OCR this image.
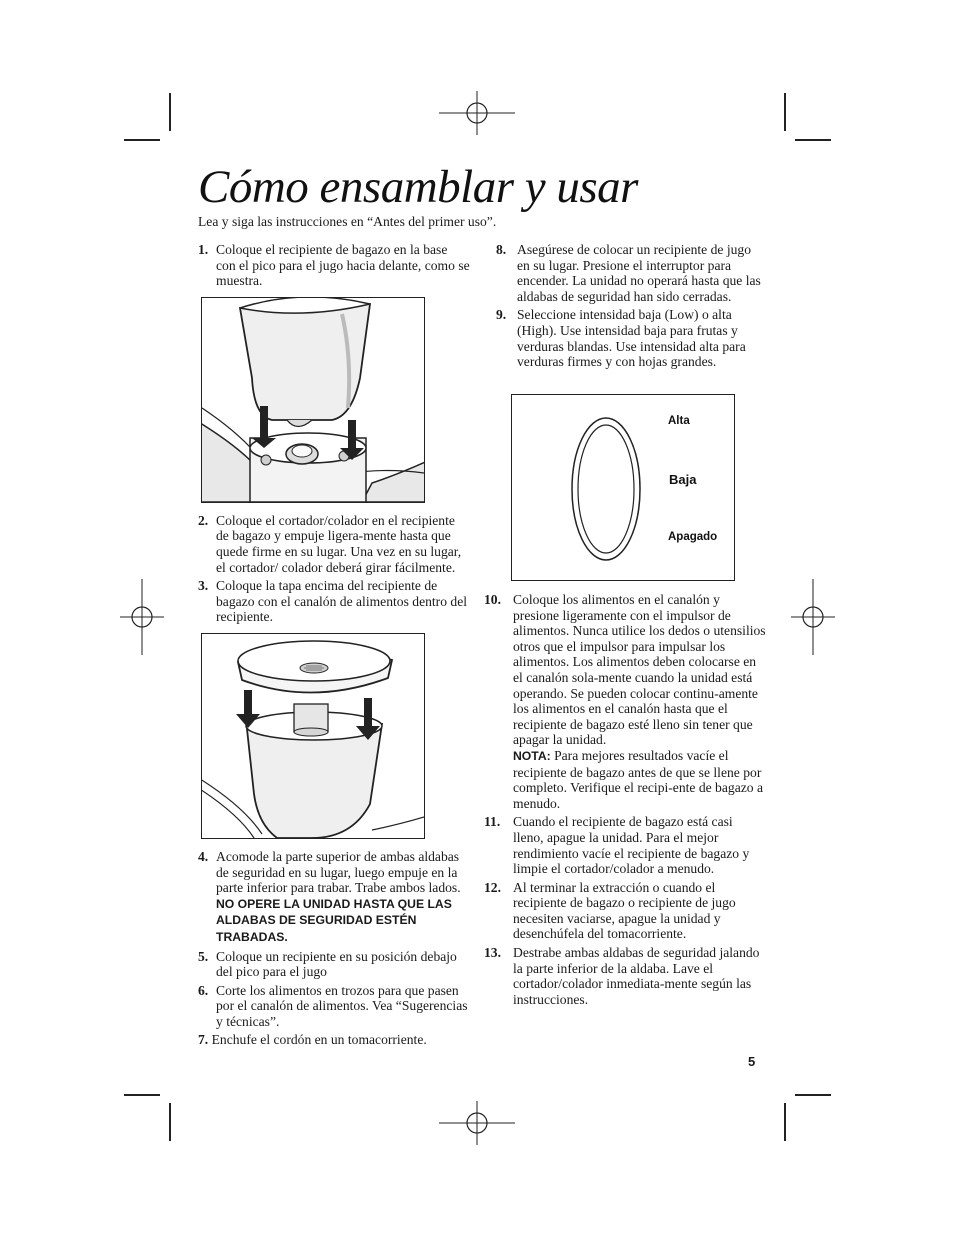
Cómo ensamblar y usar
Lea y siga las instrucciones en “Antes del primer uso”.
1. Coloque el recipiente de bagazo en la base con el pico para el jugo hacia delante, como se muestra.
2. Coloque el cortador/colador en el recipiente de bagazo y empuje ligera-mente hasta que quede firme en su lugar. Una vez en su lugar, el cortador/ colador deberá girar fácilmente.
3. Coloque la tapa encima del recipiente de bagazo con el canalón de alimentos dentro del recipiente.
4. Acomode la parte superior de ambas aldabas de seguridad en su lugar, luego empuje en la parte inferior para trabar. Trabe ambos lados. NO OPERE LA UNIDAD HASTA QUE LAS ALDABAS DE SEGURIDAD ESTÉN TRABADAS.
5. Coloque un recipiente en su posición debajo del pico para el jugo
6. Corte los alimentos en trozos para que pasen por el canalón de alimentos. Vea “Sugerencias y técnicas”.
7. Enchufe el cordón en un tomacorriente.
8. Asegúrese de colocar un recipiente de jugo en su lugar. Presione el interruptor para encender. La unidad no operará hasta que las aldabas de seguridad han sido cerradas.
9. Seleccione intensidad baja (Low) o alta (High). Use intensidad baja para frutas y verduras blandas. Use intensidad alta para verduras firmes y con hojas grandes.
Alta
Baja
Apagado
10. Coloque los alimentos en el canalón y presione ligeramente con el impulsor de alimentos. Nunca utilice los dedos o utensilios otros que el impulsor para impulsar los alimentos. Los alimentos deben colocarse en el canalón sola-mente cuando la unidad está operando. Se pueden colocar continu-amente los alimentos en el canalón hasta que el recipiente de bagazo esté lleno sin tener que apagar la unidad.
NOTA: Para mejores resultados vacíe el recipiente de bagazo antes de que se llene por completo. Verifique el recipi-ente de bagazo a menudo.
11. Cuando el recipiente de bagazo está casi lleno, apague la unidad. Para el mejor rendimiento vacíe el recipiente de bagazo y limpie el cortador/colador a menudo.
12. Al terminar la extracción o cuando el recipiente de bagazo o recipiente de jugo necesiten vaciarse, apague la unidad y desenchúfela del tomacorriente.
13. Destrabe ambas aldabas de seguridad jalando la parte inferior de la aldaba. Lave el cortador/colador inmediata-mente según las instrucciones.
5
